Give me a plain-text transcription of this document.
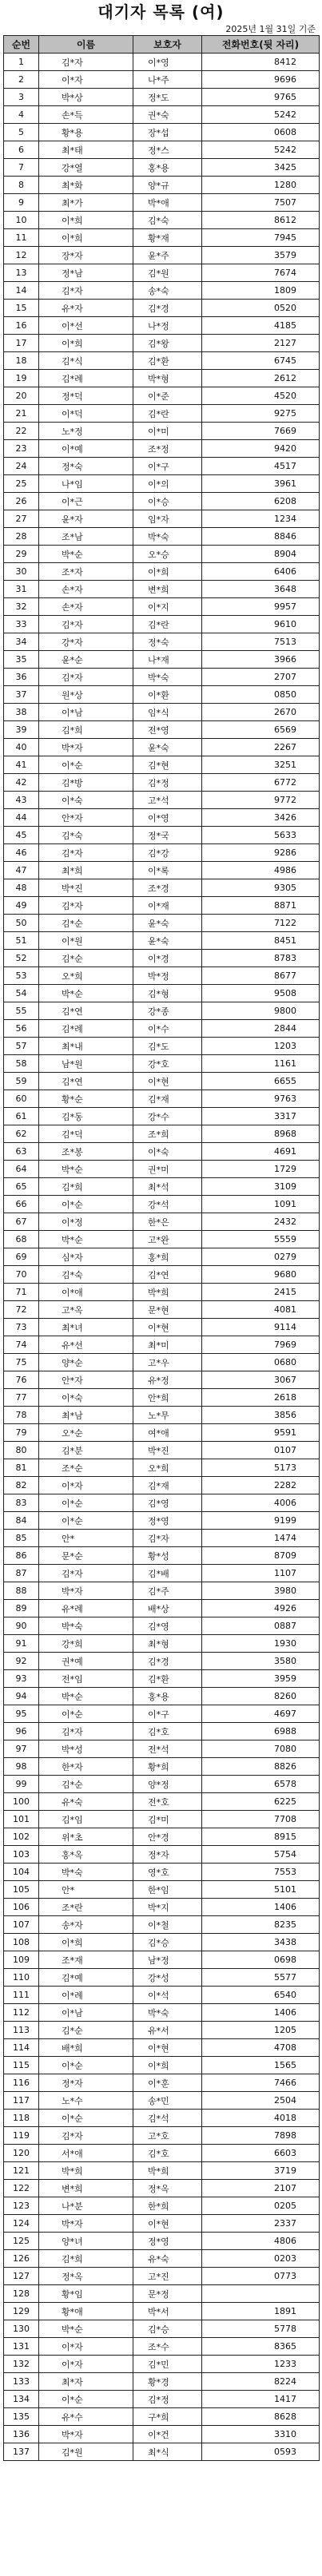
대기자 목록 (여)
2025년 1월 31일 기준
순번	이름	보호자	전화번호(뒷 자리)
1	김*자	이*영	8412
2	이*자	나*주	9696
3	박*상	정*도	9765
4	손*득	권*숙	5242
5	황*용	장*섭	0608
6	최*태	정*스	5242
7	강*열	홍*용	3425
8	최*화	양*규	1280
9	최*가	박*애	7507
10	이*희	김*숙	8612
11	이*희	황*재	7945
12	장*자	윤*주	3579
13	정*남	김*원	7674
14	김*자	송*숙	1809
15	유*자	김*경	0520
16	이*선	나*정	4185
17	이*희	김*왕	2127
18	김*식	김*환	6745
19	김*례	박*형	2612
20	정*덕	이*준	4520
21	이*덕	김*란	9275
22	노*정	이*미	7669
23	이*예	조*정	9420
24	정*숙	이*구	4517
25	나*임	이*의	3961
26	이*근	이*승	6208
27	윤*자	임*자	1234
28	조*남	박*숙	8846
29	박*순	오*승	8904
30	조*자	이*희	6406
31	손*자	변*희	3648
32	손*자	이*지	9957
33	김*자	김*란	9610
34	강*자	정*숙	7513
35	윤*순	나*재	3966
36	김*자	박*숙	2707
37	원*상	이*환	0850
38	이*남	임*식	2670
39	김*희	전*영	6569
40	박*자	윤*숙	2267
41	이*순	김*현	3251
42	김*방	김*정	6772
43	이*숙	고*석	9772
44	안*자	이*영	3426
45	김*숙	정*국	5633
46	김*자	김*강	9286
47	최*희	이*록	4986
48	박*진	조*경	9305
49	김*자	이*재	8871
50	김*순	윤*숙	7122
51	이*원	윤*숙	8451
52	김*순	이*경	8783
53	오*희	박*정	8677
54	박*순	김*형	9508
55	김*연	강*종	9800
56	김*례	이*수	2844
57	최*내	김*도	1203
58	남*원	강*호	1161
59	김*연	이*현	6655
60	황*순	김*재	9763
61	김*동	강*수	3317
62	김*덕	조*희	8968
63	조*봉	이*숙	4691
64	박*순	권*미	1729
65	김*희	최*석	3109
66	이*순	강*석	1091
67	이*정	한*은	2432
68	박*순	고*완	5559
69	심*자	홍*희	0279
70	김*숙	김*연	9680
71	이*애	박*희	2415
72	고*옥	문*현	4081
73	최*녀	이*현	9114
74	유*선	최*미	7969
75	양*순	고*우	0680
76	안*자	유*정	3067
77	이*숙	안*희	2618
78	최*남	노*무	3856
79	오*순	여*애	9591
80	김*분	박*진	0107
81	조*순	오*희	5173
82	이*자	김*재	2282
83	이*순	김*영	4006
84	이*순	정*영	9199
85	안*	김*자	1474
86	문*순	황*성	8709
87	김*자	김*배	1107
88	박*자	김*주	3980
89	유*례	배*상	4926
90	박*숙	김*영	0887
91	강*희	최*형	1930
92	권*예	김*경	3580
93	전*임	김*환	3959
94	박*순	홍*용	8260
95	이*순	이*구	4697
96	김*자	김*호	6988
97	박*성	전*석	7080
98	한*자	황*희	8826
99	김*순	양*정	6578
100	유*숙	전*호	6225
101	김*임	김*미	7708
102	위*초	안*경	8915
103	홍*옥	정*자	5754
104	박*숙	영*호	7553
105	안*	한*임	5101
106	조*란	박*지	1406
107	송*자	이*철	8235
108	이*희	김*승	3438
109	조*재	남*정	0698
110	김*예	강*성	5577
111	이*례	이*석	6540
112	이*남	박*숙	1406
113	김*순	유*서	1205
114	배*희	이*현	4708
115	이*순	이*희	1565
116	정*자	이*훈	7466
117	노*수	송*민	2504
118	이*순	김*석	4018
119	김*자	고*호	7898
120	서*애	김*호	6603
121	박*희	박*희	3719
122	변*희	정*옥	2107
123	나*분	한*희	0205
124	박*자	이*현	2337
125	양*녀	정*영	4806
126	김*희	유*숙	0203
127	정*옥	고*진	0773
128	황*임	문*정	
129	황*애	박*서	1891
130	박*순	김*승	5778
131	이*자	조*수	8365
132	이*자	김*민	1233
133	최*자	황*경	8224
134	이*순	김*정	1417
135	유*수	구*희	8628
136	박*자	이*건	3310
137	김*원	최*식	0593
